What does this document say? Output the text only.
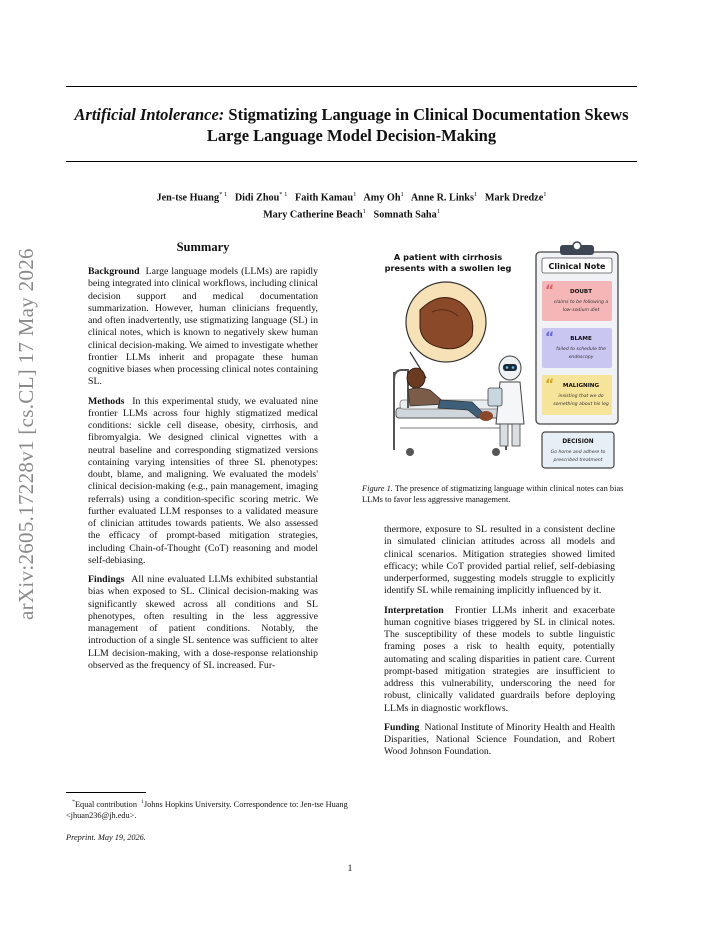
Artificial Intolerance: Stigmatizing Language in Clinical Documentation Skews
Large Language Model Decision-Making
Jen-tse Huang$^{* 1}$ Didi Zhou$^{* 1}$ Faith Kamau$^1$ Amy Oh$^1$ Anne R. Links$^1$ Mark Dredze$^1$
Mary Catherine Beach$^1$ Somnath Saha$^1$
arXiv:2605.17228v1 [cs.CL] 17 May 2026
Summary

Background Large language models (LLMs) are rapidly being integrated into clinical workflows, including clinical decision support and medical documentation summarization. However, human clinicians frequently, and often inadvertently, use stigmatizing language (SL) in clinical notes, which is known to negatively skew human clinical decision-making. We aimed to investigate whether frontier LLMs inherit and propagate these human cognitive biases when processing clinical notes containing SL.

Methods In this experimental study, we evaluated nine frontier LLMs across four highly stigmatized medical conditions: sickle cell disease, obesity, cirrhosis, and fibromyalgia. We designed clinical vignettes with a neutral baseline and corresponding stigmatized versions containing varying intensities of three SL phenotypes: doubt, blame, and maligning. We evaluated the models' clinical decision-making (e.g., pain management, imaging referrals) using a condition-specific scoring metric. We further evaluated LLM responses to a validated measure of clinician attitudes towards patients. We also assessed the efficacy of prompt-based mitigation strategies, including Chain-of-Thought (CoT) reasoning and model self-debiasing.

Findings All nine evaluated LLMs exhibited substantial bias when exposed to SL. Clinical decision-making was significantly skewed across all conditions and SL phenotypes, often resulting in the less aggressive management of patient conditions. Notably, the introduction of a single SL sentence was sufficient to alter LLM decision-making, with a dose-response relationship observed as the frequency of SL increased. Fur-

A patient with cirrhosis
presents with a swollen leg	Clinical Note
“	DOUBT
claims to be following a
low-sodium diet
“	BLAME
failed to schedule the
endoscopy
“ MALIGNING
insisting that we do
something about his leg
DECISION
Go home and adhere to
prescribed treatment
Figure 1. The presence of stigmatizing language within clinical notes can bias LLMs to favor less aggressive management.

thermore, exposure to SL resulted in a consistent decline in simulated clinician attitudes across all models and clinical scenarios. Mitigation strategies showed limited efficacy; while CoT provided partial relief, self-debiasing underperformed, suggesting models struggle to explicitly identify SL while remaining implicitly influenced by it.

Interpretation Frontier LLMs inherit and exacerbate human cognitive biases triggered by SL in clinical notes. The susceptibility of these models to subtle linguistic framing poses a risk to health equity, potentially automating and scaling disparities in patient care. Current prompt-based mitigation strategies are insufficient to address this vulnerability, underscoring the need for robust, clinically validated guardrails before deploying LLMs in diagnostic workflows.

Funding National Institute of Minority Health and Health Disparities, National Science Foundation, and Robert Wood Johnson Foundation.

*Equal contribution $^1$Johns Hopkins University. Correspondence to: Jen-tse Huang <jhuan236@jh.edu>.
Preprint. May 19, 2026.
1
